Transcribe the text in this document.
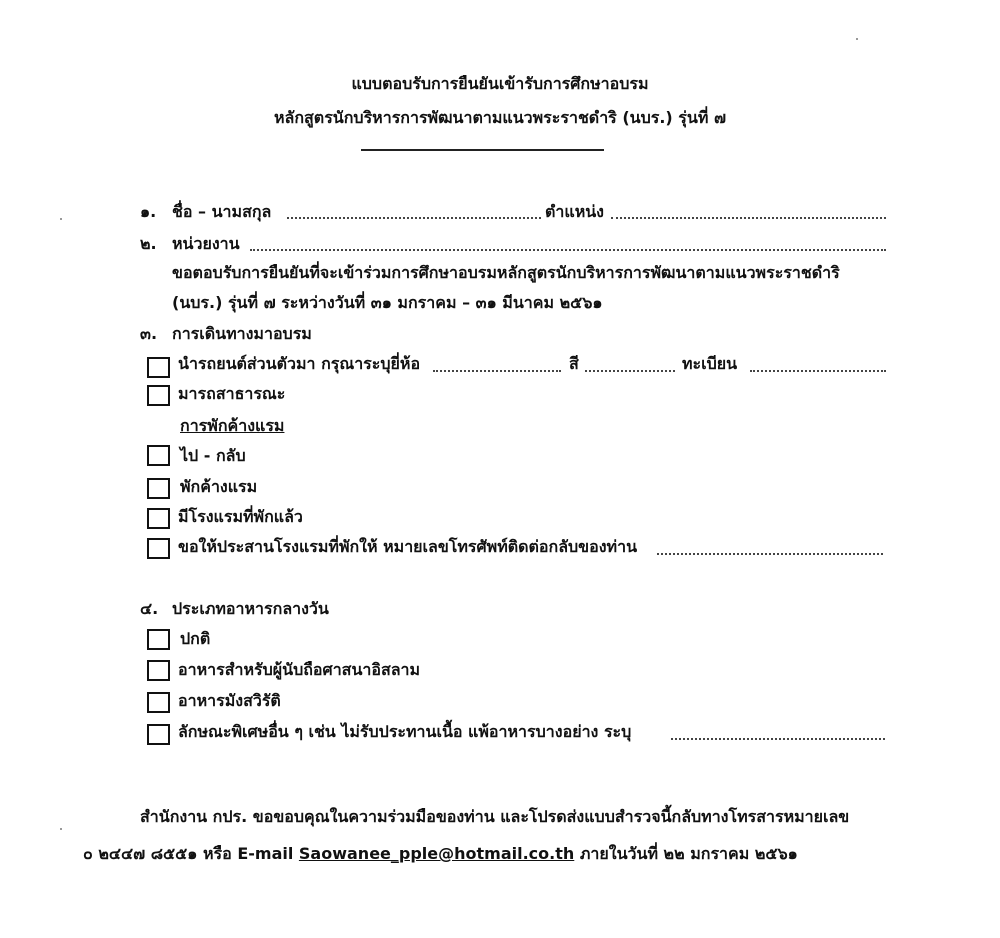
แบบตอบรับการยืนยันเข้ารับการศึกษาอบรม
หลักสูตรนักบริหารการพัฒนาตามแนวพระราชดำริ (นบร.) รุ่นที่ ๗
๑. ชื่อ – นามสกุล	ตำแหน่ง
๒. หน่วยงาน
ขอตอบรับการยืนยันที่จะเข้าร่วมการศึกษาอบรมหลักสูตรนักบริหารการพัฒนาตามแนวพระราชดำริ
(นบร.) รุ่นที่ ๗ ระหว่างวันที่ ๓๑ มกราคม – ๓๑ มีนาคม ๒๕๖๑
๓. การเดินทางมาอบรม
นำรถยนต์ส่วนตัวมา กรุณาระบุยี่ห้อ	สี	ทะเบียน
มารถสาธารณะ
การพักค้างแรม
ไป - กลับ
พักค้างแรม
มีโรงแรมที่พักแล้ว
ขอให้ประสานโรงแรมที่พักให้ หมายเลขโทรศัพท์ติดต่อกลับของท่าน
๔. ประเภทอาหารกลางวัน
ปกติ
อาหารสำหรับผู้นับถือศาสนาอิสลาม
อาหารมังสวิรัติ
ลักษณะพิเศษอื่น ๆ เช่น ไม่รับประทานเนื้อ แพ้อาหารบางอย่าง ระบุ
สำนักงาน กปร. ขอขอบคุณในความร่วมมือของท่าน และโปรดส่งแบบสำรวจนี้กลับทางโทรสารหมายเลข
๐ ๒๔๔๗ ๘๕๕๑ หรือ E-mail Saowanee_pple@hotmail.co.th ภายในวันที่ ๒๒ มกราคม ๒๕๖๑
